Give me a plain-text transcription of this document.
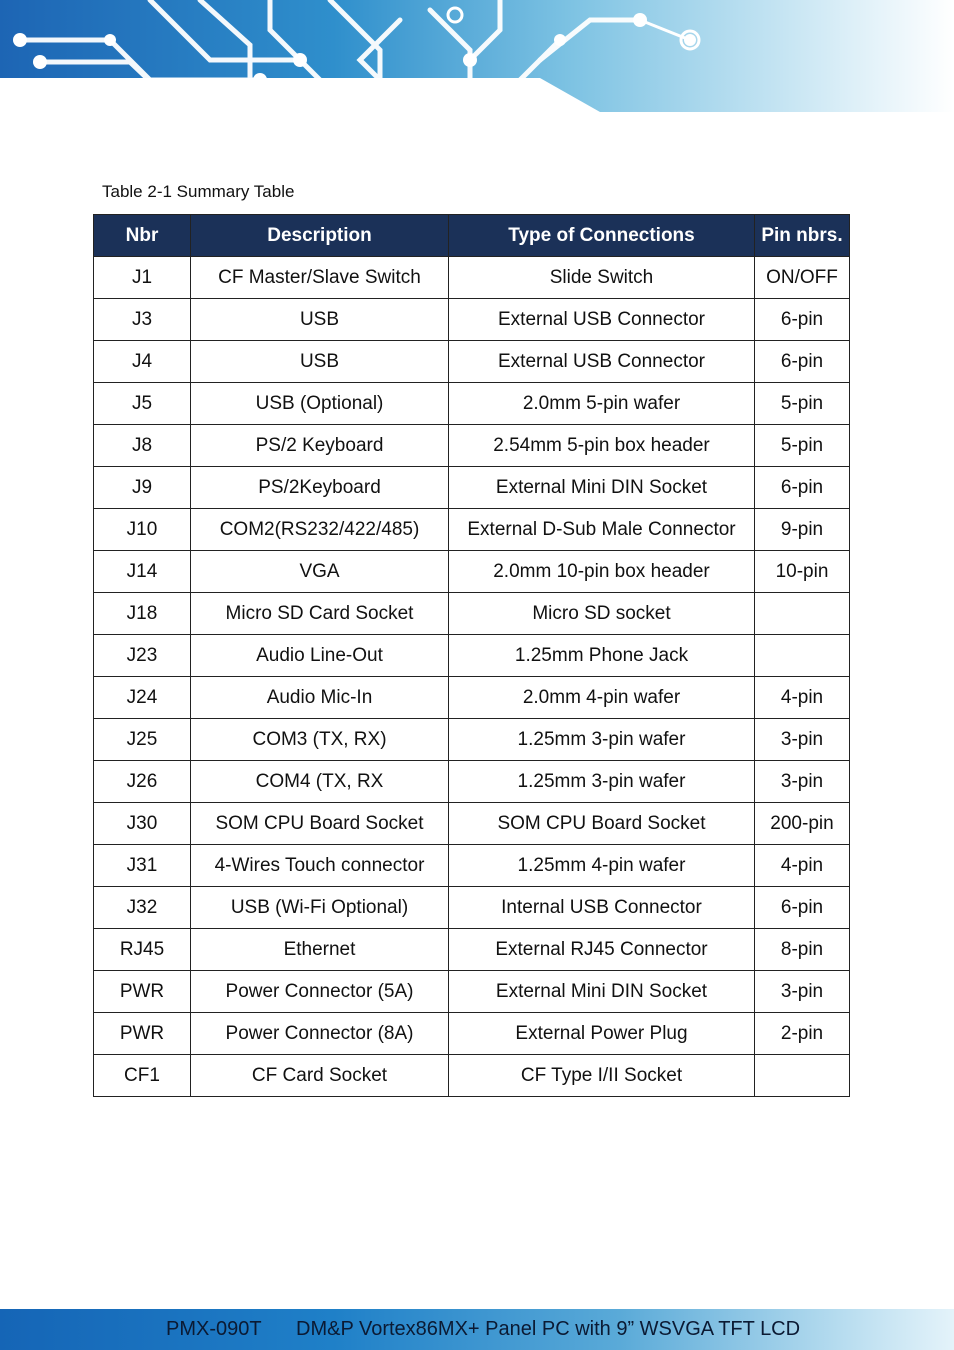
Table 2-1 Summary Table
Nbr	Description	Type of Connections	Pin nbrs.
J1	CF Master/Slave Switch	Slide Switch	ON/OFF
J3	USB	External USB Connector	6-pin
J4	USB	External USB Connector	6-pin
J5	USB (Optional)	2.0mm 5-pin wafer	5-pin
J8	PS/2 Keyboard	2.54mm 5-pin box header	5-pin
J9	PS/2Keyboard	External Mini DIN Socket	6-pin
J10	COM2(RS232/422/485)	External D-Sub Male Connector	9-pin
J14	VGA	2.0mm 10-pin box header	10-pin
J18	Micro SD Card Socket	Micro SD socket	
J23	Audio Line-Out	1.25mm Phone Jack	
J24	Audio Mic-In	2.0mm 4-pin wafer	4-pin
J25	COM3 (TX, RX)	1.25mm 3-pin wafer	3-pin
J26	COM4 (TX, RX	1.25mm 3-pin wafer	3-pin
J30	SOM CPU Board Socket	SOM CPU Board Socket	200-pin
J31	4-Wires Touch connector	1.25mm 4-pin wafer	4-pin
J32	USB (Wi-Fi Optional)	Internal USB Connector	6-pin
RJ45	Ethernet	External RJ45 Connector	8-pin
PWR	Power Connector (5A)	External Mini DIN Socket	3-pin
PWR	Power Connector (8A)	External Power Plug	2-pin
CF1	CF Card Socket	CF Type I/II Socket	
PMX-090T DM&P Vortex86MX+ Panel PC with 9” WSVGA TFT LCD
